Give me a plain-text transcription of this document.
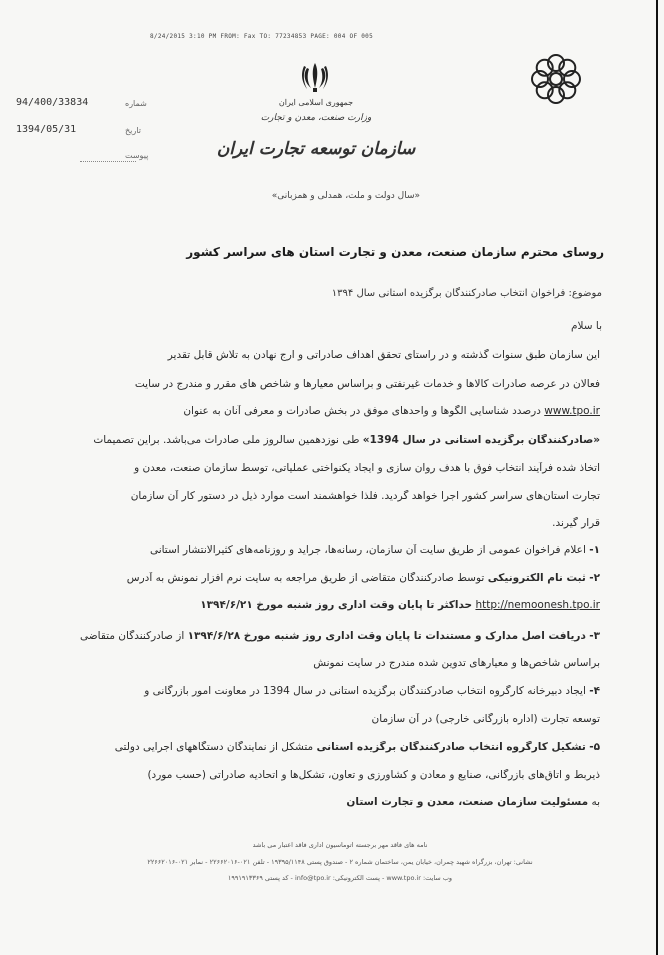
8/24/2015 3:10 PM FROM: Fax TO: 77234853 PAGE: 004 OF 005
جمهوری اسلامی ایران
وزارت صنعت، معدن و تجارت
سازمان توسعه تجارت ایران
«سال دولت و ملت، همدلی و همزبانی»
94/400/33834	شماره
1394/05/31	تاریخ
پیوست
روسای محترم سازمان صنعت، معدن و تجارت استان های سراسر کشور
موضوع: فراخوان انتخاب صادرکنندگان برگزیده استانی سال ۱۳۹۴
با سلام
این سازمان طبق سنوات گذشته و در راستای تحقق اهداف صادراتی و ارج نهادن به تلاش قابل تقدیر
فعالان در عرصه صادرات کالاها و خدمات غیرنفتی و براساس معیارها و شاخص های مقرر و مندرج در سایت
www.tpo.ir درصدد شناسایی الگوها و واحدهای موفق در بخش صادرات و معرفی آنان به عنوان
«صادرکنندگان برگزیده استانی در سال 1394» طی نوزدهمین سالروز ملی صادرات می‌باشد. براین تصمیمات
اتخاذ شده فرآیند انتخاب فوق با هدف روان سازی و ایجاد یکنواختی عملیاتی، توسط سازمان صنعت، معدن و
تجارت استان‌های سراسر کشور اجرا خواهد گردید. فلذا خواهشمند است موارد ذیل در دستور کار آن سازمان
قرار گیرند.
۱- اعلام فراخوان عمومی از طریق سایت آن سازمان، رسانه‌ها، جراید و روزنامه‌های کثیرالانتشار استانی
۲- ثبت نام الکترونیکی توسط صادرکنندگان متقاضی از طریق مراجعه به سایت نرم افزار نمونش به آدرس
http://nemoonesh.tpo.ir حداکثر تا پایان وقت اداری روز شنبه مورخ ۱۳۹۴/۶/۲۱
۳- دریافت اصل مدارک و مستندات تا پایان وقت اداری روز شنبه مورخ ۱۳۹۴/۶/۲۸ از صادرکنندگان متقاضی
براساس شاخص‌ها و معیارهای تدوین شده مندرج در سایت نمونش
۴- ایجاد دبیرخانه کارگروه انتخاب صادرکنندگان برگزیده استانی در سال 1394 در معاونت امور بازرگانی و
توسعه تجارت (اداره بازرگانی خارجی) در آن سازمان
۵- تشکیل کارگروه انتخاب صادرکنندگان برگزیده استانی متشکل از نمایندگان دستگاههای اجرایی دولتی
ذیربط و اتاق‌های بازرگانی، صنایع و معادن و کشاورزی و تعاون، تشکل‌ها و اتحادیه صادراتی (حسب مورد)
به مسئولیت سازمان صنعت، معدن و تجارت استان
نامه های فاقد مهر برجسته اتوماسیون اداری فاقد اعتبار می باشد
نشانی: تهران، بزرگراه شهید چمران، خیابان یمن، ساختمان شماره ۲ - صندوق پستی ۱۹۳۹۵/۱۱۴۸ - تلفن ۰۲۱-۲۲۶۶۲۰۱۶ - نمابر ۰۲۱-۲۲۶۶۲۰۱۶
وب سایت: www.tpo.ir - پست الکترونیکی: info@tpo.ir - کد پستی ۱۹۹۱۹۱۳۳۶۹
